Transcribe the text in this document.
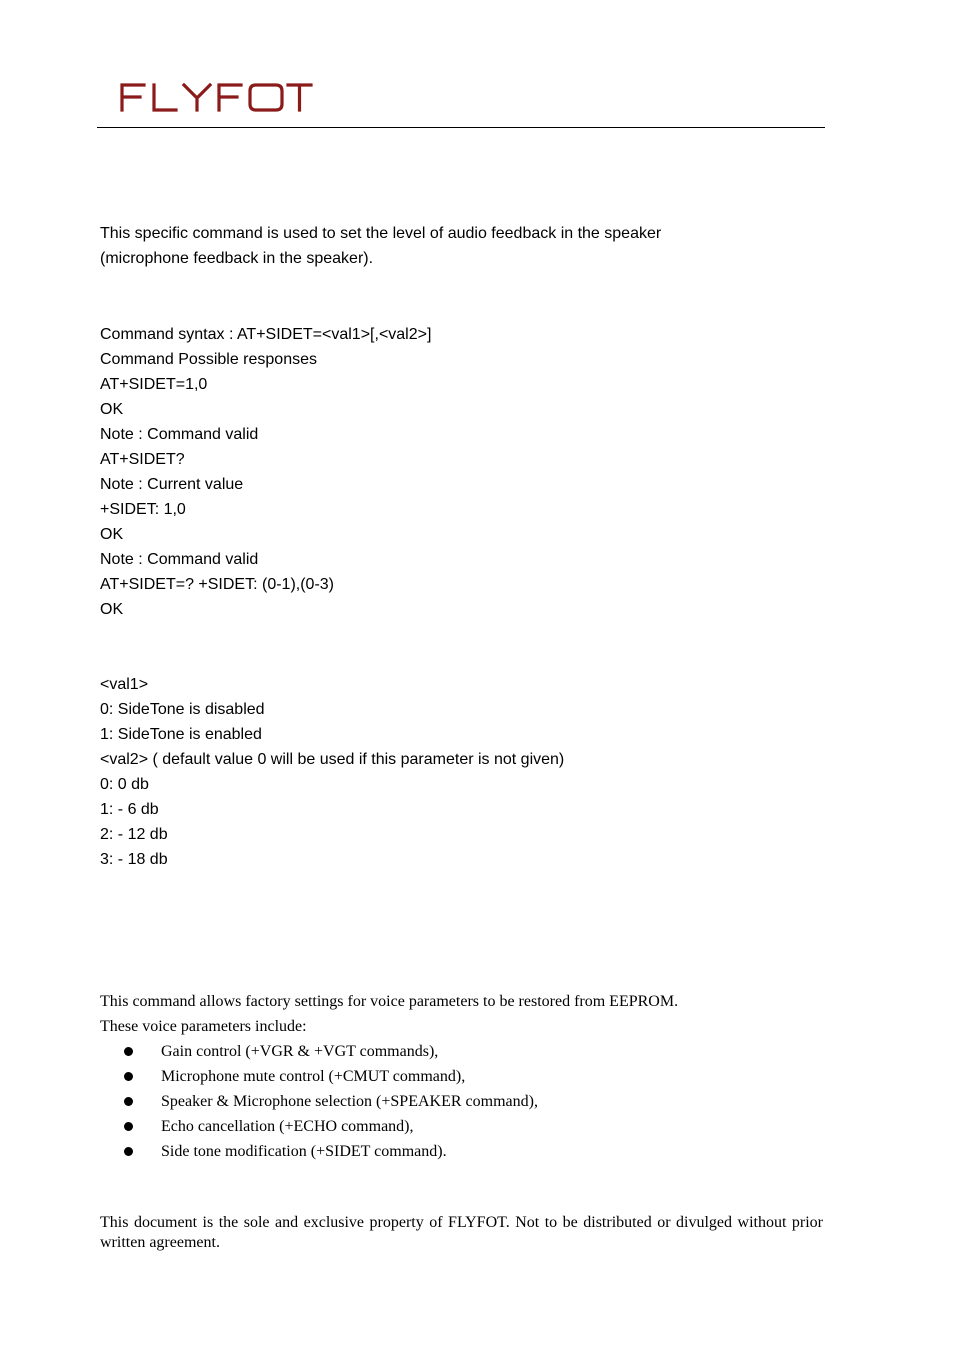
This specific command is used to set the level of audio feedback in the speaker
(microphone feedback in the speaker).
Command syntax : AT+SIDET=<val1>[,<val2>]
Command Possible responses
AT+SIDET=1,0
OK
Note : Command valid
AT+SIDET?
Note : Current value
+SIDET: 1,0
OK
Note : Command valid
AT+SIDET=? +SIDET: (0-1),(0-3)
OK
<val1>
0: SideTone is disabled
1: SideTone is enabled
<val2> ( default value 0 will be used if this parameter is not given)
0: 0 db
1: - 6 db
2: - 12 db
3: - 18 db
This command allows factory settings for voice parameters to be restored from EEPROM.
These voice parameters include:
Gain control (+VGR & +VGT commands),
Microphone mute control (+CMUT command),
Speaker & Microphone selection (+SPEAKER command),
Echo cancellation (+ECHO command),
Side tone modification (+SIDET command).
This document is the sole and exclusive property of FLYFOT. Not to be distributed or divulged without prior written agreement.
